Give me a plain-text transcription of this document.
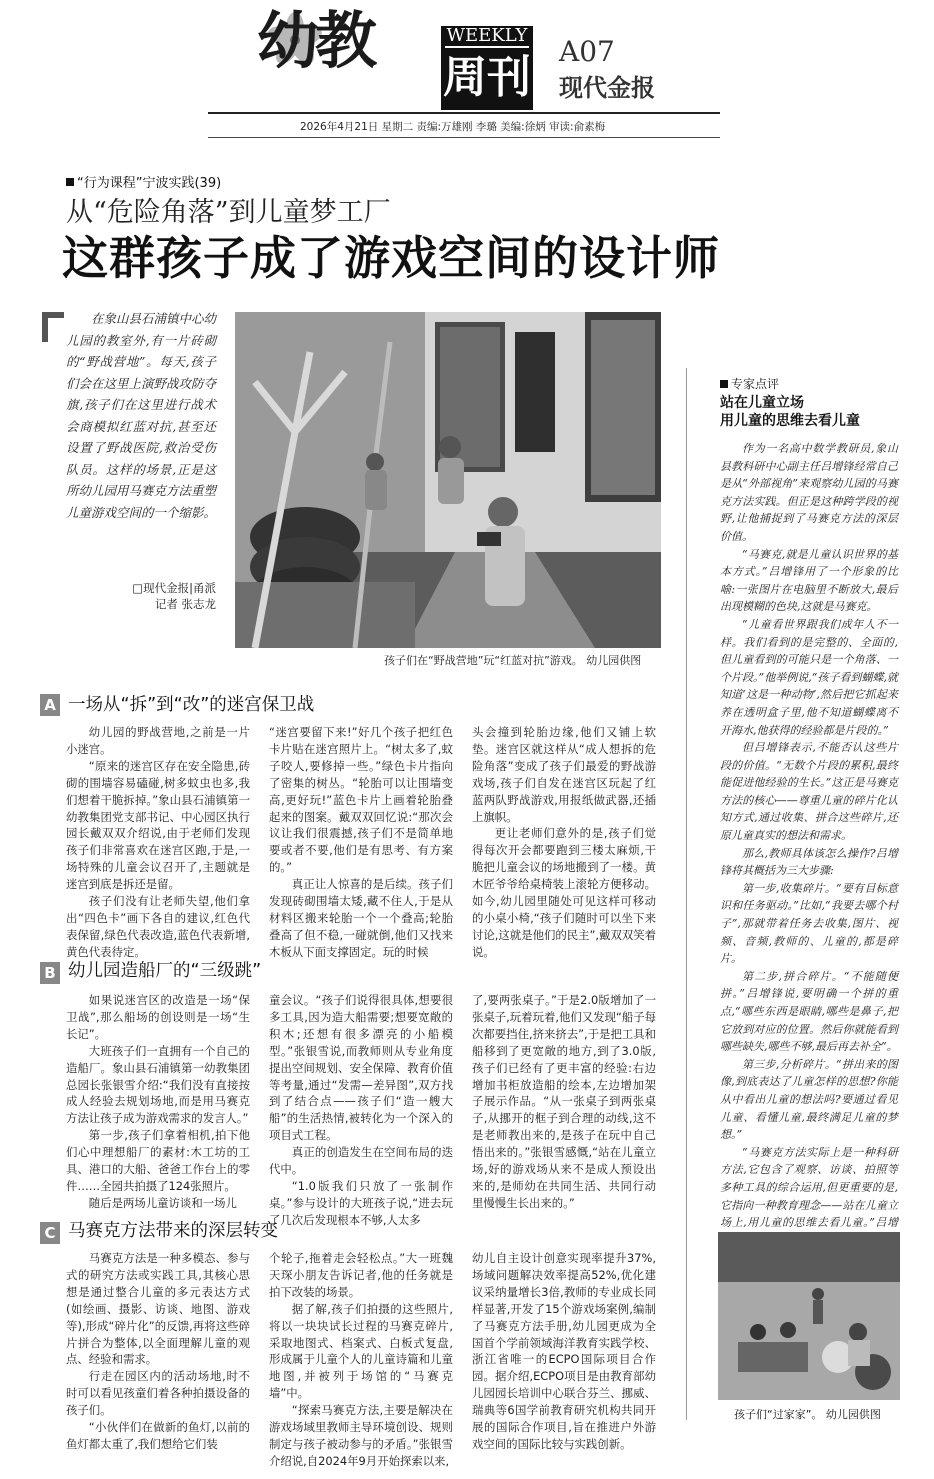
幼教	WEEKLY
周刊
A07
现代金报
2026年4月21日 星期二 责编:万雄刚 李璐 美编:徐炳 审读:俞素梅
“行为课程”宁波实践(39)
从“危险角落”到儿童梦工厂
这群孩子成了游戏空间的设计师
在象山县石浦镇中心幼儿园的教室外,有一片砖砌的“野战营地”。每天,孩子们会在这里上演野战攻防夺旗,孩子们在这里进行战术会商模拟红蓝对抗,甚至还设置了野战医院,救治受伤队员。这样的场景,正是这所幼儿园用马赛克方法重塑儿童游戏空间的一个缩影。
□现代金报|甬派
记者 张志龙
孩子们在“野战营地”玩“红蓝对抗”游戏。 幼儿园供图
A 一场从“拆”到“改”的迷宫保卫战

幼儿园的野战营地,之前是一片小迷宫。

“原来的迷宫区存在安全隐患,砖砌的围墙容易磕碰,树多蚊虫也多,我们想着干脆拆掉。”象山县石浦镇第一幼教集团党支部书记、中心园区执行园长戴双双介绍说,由于老师们发现孩子们非常喜欢在迷宫区跑,于是,一场特殊的儿童会议召开了,主题就是迷宫到底是拆还是留。

孩子们没有让老师失望,他们拿出“四色卡”画下各自的建议,红色代表保留,绿色代表改造,蓝色代表新增,黄色代表待定。

“迷宫要留下来!”好几个孩子把红色卡片贴在迷宫照片上。“树太多了,蚊子咬人,要修掉一些。”绿色卡片指向了密集的树丛。“轮胎可以让围墙变高,更好玩!”蓝色卡片上画着轮胎叠起来的图案。戴双双回忆说:“那次会议让我们很震撼,孩子们不是简单地要或者不要,他们是有思考、有方案的。”

真正让人惊喜的是后续。孩子们发现砖砌围墙太矮,藏不住人,于是从材料区搬来轮胎一个一个叠高;轮胎叠高了但不稳,一碰就倒,他们又找来木板从下面支撑固定。玩的时候

头会撞到轮胎边缘,他们又铺上软垫。迷宫区就这样从“成人想拆的危险角落”变成了孩子们最爱的野战游戏场,孩子们自发在迷宫区玩起了红蓝两队野战游戏,用报纸做武器,还插上旗帜。

更让老师们意外的是,孩子们觉得每次开会都要跑到三楼太麻烦,干脆把儿童会议的场地搬到了一楼。黄木匠爷爷给桌椅装上滚轮方便移动。如今,幼儿园里随处可见这样可移动的小桌小椅,“孩子们随时可以坐下来讨论,这就是他们的民主”,戴双双笑着说。

B 幼儿园造船厂的“三级跳”

如果说迷宫区的改造是一场“保卫战”,那么船场的创设则是一场“生长记”。

大班孩子们一直拥有一个自己的造船厂。象山县石浦镇第一幼教集团总园长张银雪介绍:“我们没有直接按成人经验去规划场地,而是用马赛克方法让孩子成为游戏需求的发言人。”

第一步,孩子们拿着相机,拍下他们心中理想船厂的素材:木工坊的工具、港口的大船、爸爸工作台上的零件……全园共拍摄了124张照片。

随后是两场儿童访谈和一场儿

童会议。“孩子们说得很具体,想要很多工具,因为造大船需要;想要宽敞的积木;还想有很多漂亮的小船模型。”张银雪说,而教师则从专业角度提出空间规划、安全保障、教育价值等考量,通过“发需—差异图”,双方找到了结合点——孩子们“造一艘大船”的生活热情,被转化为一个深入的项目式工程。

真正的创造发生在空间布局的迭代中。

“1.0版我们只放了一张制作桌。”参与设计的大班孩子说,“进去玩了几次后发现根本不够,人太多

了,要两张桌子。”于是2.0版增加了一张桌子,玩着玩着,他们又发现“船子每次都要挡住,挤来挤去”,于是把工具和船移到了更宽敞的地方,到了3.0版,孩子们已经有了更丰富的经验:右边增加书柜放造船的绘本,左边增加架子展示作品。“从一张桌子到两张桌子,从挪开的框子到合理的动线,这不是老师教出来的,是孩子在玩中自己悟出来的。”张银雪感慨,“站在儿童立场,好的游戏场从来不是成人预设出来的,是师幼在共同生活、共同行动里慢慢生长出来的。”

C 马赛克方法带来的深层转变

马赛克方法是一种多模态、参与式的研究方法或实践工具,其核心思想是通过整合儿童的多元表达方式(如绘画、摄影、访谈、地图、游戏等),形成“碎片化”的反馈,再将这些碎片拼合为整体,以全面理解儿童的观点、经验和需求。

行走在园区内的活动场地,时不时可以看见孩童们着各种拍摄设备的孩子们。

“小伙伴们在做新的鱼灯,以前的鱼灯都太重了,我们想给它们装

个轮子,拖着走会轻松点。”大一班魏天琛小朋友告诉记者,他的任务就是拍下改装的场景。

据了解,孩子们拍摄的这些照片,将以一块块试长过程的马赛克碎片,采取地图式、档案式、白板式复盘,形成属于儿童个人的儿童诗篇和儿童地图,并被列于场馆的“马赛克墙”中。

“探索马赛克方法,主要是解决在游戏场域里教师主导环境创设、规则制定与孩子被动参与的矛盾。”张银雪介绍说,自2024年9月开始探索以来,

幼儿自主设计创意实现率提升37%,场域问题解决效率提高52%,优化建议采纳量增长3倍,教师的专业成长同样显著,开发了15个游戏场案例,编制了马赛克方法手册,幼儿园更成为全国首个学前领域海洋教育实践学校、浙江省唯一的ECPO国际项目合作园。据介绍,ECPO项目是由教育部幼儿园园长培训中心联合芬兰、挪威、瑞典等6国学前教育研究机构共同开展的国际合作项目,旨在推进户外游戏空间的国际比较与实践创新。

专家点评
站在儿童立场
用儿童的思维去看儿童

作为一名高中数学教研员,象山县教科研中心副主任吕增锋经常自己是从“外部视角”来观察幼儿园的马赛克方法实践。但正是这种跨学段的视野,让他捕捉到了马赛克方法的深层价值。

“马赛克,就是儿童认识世界的基本方式。”吕增锋用了一个形象的比喻:一张图片在电脑里不断放大,最后出现模糊的色块,这就是马赛克。

“儿童看世界跟我们成年人不一样。我们看到的是完整的、全面的,但儿童看到的可能只是一个角落、一个片段。”他举例说,“孩子看到蝴蝶,就知道‘这是一种动物’,然后把它抓起来养在透明盒子里,他不知道蝴蝶离不开海水,他获得的经验都是片段的。”

但吕增锋表示,不能否认这些片段的价值。“无数个片段的累积,最终能促进他经验的生长。”这正是马赛克方法的核心——尊重儿童的碎片化认知方式,通过收集、拼合这些碎片,还原儿童真实的想法和需求。

那么,教师具体该怎么操作?吕增锋将其概括为三大步骤:

第一步,收集碎片。“要有目标意识和任务驱动。”比如,“我要去哪个村子”,那就带着任务去收集,图片、视频、音频,教师的、儿童的,都是碎片。

第二步,拼合碎片。“不能随便拼。”吕增锋说,要明确一个拼的重点,“哪些东西是眼睛,哪些是鼻子,把它放到对应的位置。然后你就能看到哪些缺失,哪些不够,最后再去补全”。

第三步,分析碎片。“拼出来的图像,到底表达了儿童怎样的思想?你能从中看出儿童的想法吗?要通过看见儿童、看懂儿童,最终满足儿童的梦想。”

“马赛克方法实际上是一种科研方法,它包含了观察、访谈、拍照等多种工具的综合运用,但更重要的是,它指向一种教育理念——站在儿童立场上,用儿童的思维去看儿童。”吕增

孩子们“过家家”。 幼儿园供图
